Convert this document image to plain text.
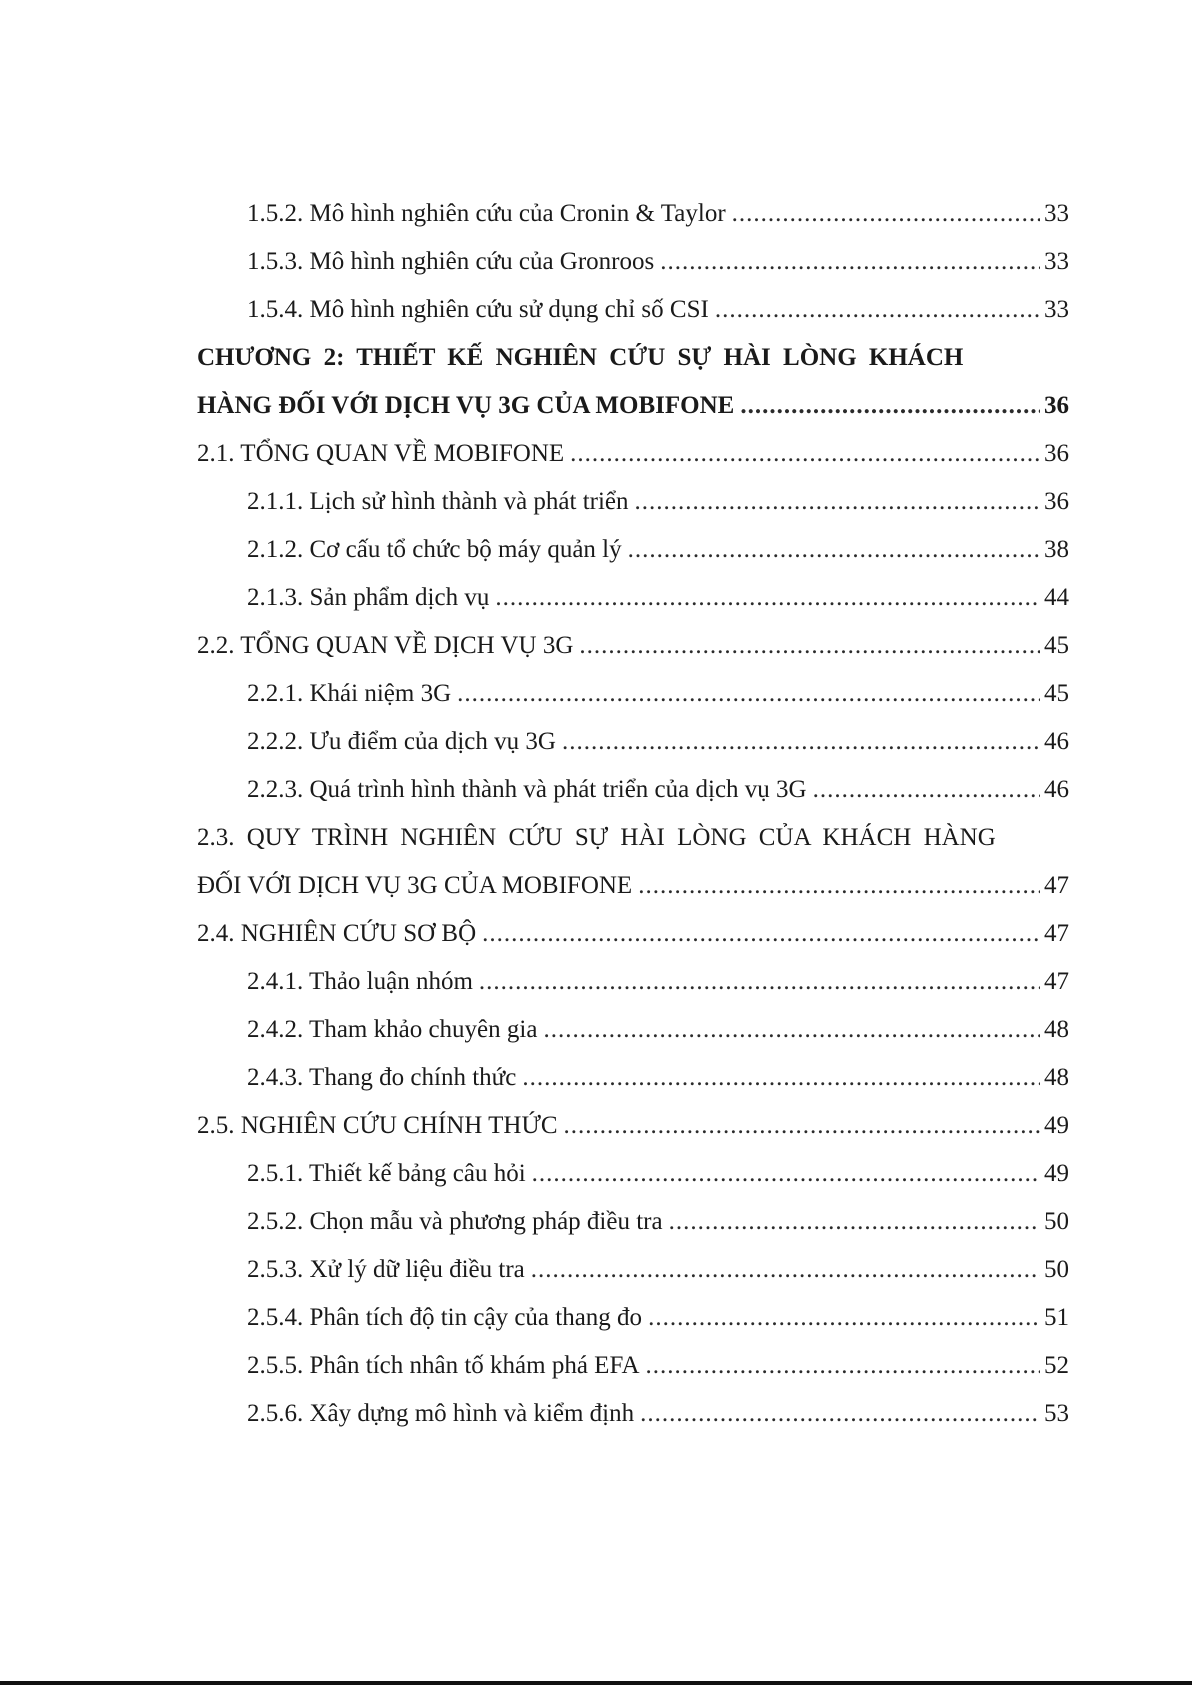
1.5.2. Mô hình nghiên cứu của Cronin & Taylor .....	33
1.5.3. Mô hình nghiên cứu của Gronroos .....	33
1.5.4. Mô hình nghiên cứu sử dụng chỉ số CSI .....	33
CHƯƠNG 2: THIẾT KẾ NGHIÊN CỨU SỰ HÀI LÒNG KHÁCH
HÀNG ĐỐI VỚI DỊCH VỤ 3G CỦA MOBIFONE .....	36
2.1. TỔNG QUAN VỀ MOBIFONE .....	36
2.1.1. Lịch sử hình thành và phát triển .....	36
2.1.2. Cơ cấu tổ chức bộ máy quản lý .....	38
2.1.3. Sản phẩm dịch vụ .....	44
2.2. TỔNG QUAN VỀ DỊCH VỤ 3G .....	45
2.2.1. Khái niệm 3G .....	45
2.2.2. Ưu điểm của dịch vụ 3G .....	46
2.2.3. Quá trình hình thành và phát triển của dịch vụ 3G .....	46
2.3. QUY TRÌNH NGHIÊN CỨU SỰ HÀI LÒNG CỦA KHÁCH HÀNG
ĐỐI VỚI DỊCH VỤ 3G CỦA MOBIFONE .....	47
2.4. NGHIÊN CỨU SƠ BỘ .....	47
2.4.1. Thảo luận nhóm .....	47
2.4.2. Tham khảo chuyên gia .....	48
2.4.3. Thang đo chính thức .....	48
2.5. NGHIÊN CỨU CHÍNH THỨC .....	49
2.5.1. Thiết kế bảng câu hỏi .....	49
2.5.2. Chọn mẫu và phương pháp điều tra .....	50
2.5.3. Xử lý dữ liệu điều tra .....	50
2.5.4. Phân tích độ tin cậy của thang đo .....	51
2.5.5. Phân tích nhân tố khám phá EFA .....	52
2.5.6. Xây dựng mô hình và kiểm định .....	53
